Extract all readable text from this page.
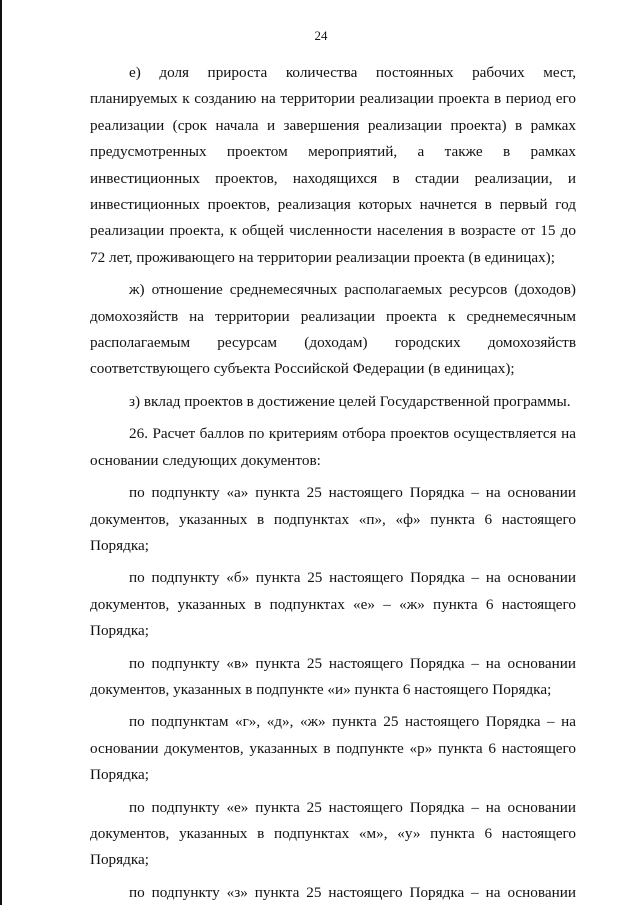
24

е) доля прироста количества постоянных рабочих мест, планируемых к созданию на территории реализации проекта в период его реализации (срок начала и завершения реализации проекта) в рамках предусмотренных проектом мероприятий, а также в рамках инвестиционных проектов, находящихся в стадии реализации, и инвестиционных проектов, реализация которых начнется в первый год реализации проекта, к общей численности населения в возрасте от 15 до 72 лет, проживающего на территории реализации проекта (в единицах);

ж) отношение среднемесячных располагаемых ресурсов (доходов) домохозяйств на территории реализации проекта к среднемесячным располагаемым ресурсам (доходам) городских домохозяйств соответствующего субъекта Российской Федерации (в единицах);

з) вклад проектов в достижение целей Государственной программы.

26. Расчет баллов по критериям отбора проектов осуществляется на основании следующих документов:

по подпункту «а» пункта 25 настоящего Порядка – на основании документов, указанных в подпунктах «п», «ф» пункта 6 настоящего Порядка;

по подпункту «б» пункта 25 настоящего Порядка – на основании документов, указанных в подпунктах «е» – «ж» пункта 6 настоящего Порядка;

по подпункту «в» пункта 25 настоящего Порядка – на основании документов, указанных в подпункте «и» пункта 6 настоящего Порядка;

по подпунктам «г», «д», «ж» пункта 25 настоящего Порядка – на основании документов, указанных в подпункте «р» пункта 6 настоящего Порядка;

по подпункту «е» пункта 25 настоящего Порядка – на основании документов, указанных в подпунктах «м», «у» пункта 6 настоящего Порядка;

по подпункту «з» пункта 25 настоящего Порядка – на основании
